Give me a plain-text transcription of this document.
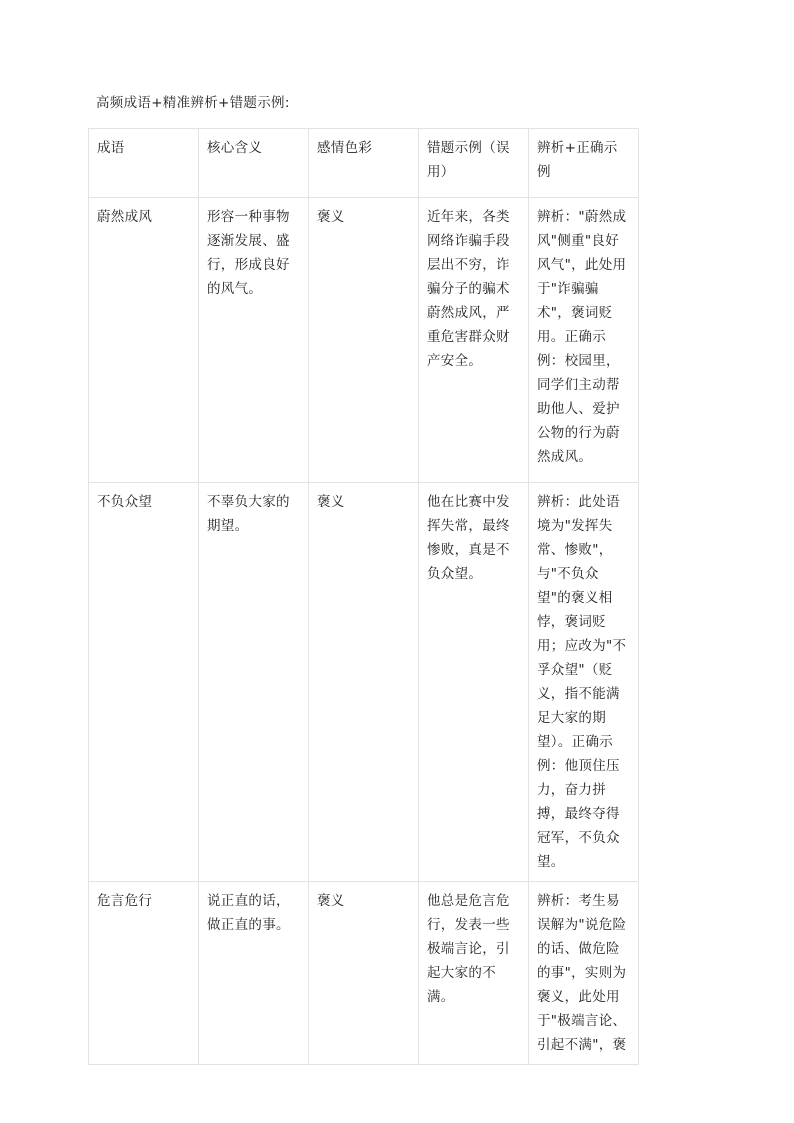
高频成语+精准辨析+错题示例:
成语	核心含义	感情色彩	错题示例（误用）	辨析+正确示例
蔚然成风	形容一种事物逐渐发展、盛行，形成良好的风气。	褒义	近年来，各类网络诈骗手段层出不穷，诈骗分子的骗术蔚然成风，严重危害群众财产安全。	辨析："蔚然成风"侧重"良好风气"，此处用于"诈骗骗术"，褒词贬用。正确示例：校园里，同学们主动帮助他人、爱护公物的行为蔚然成风。
不负众望	不辜负大家的期望。	褒义	他在比赛中发挥失常，最终惨败，真是不负众望。	辨析：此处语境为"发挥失常、惨败"，与"不负众望"的褒义相悖，褒词贬用；应改为"不孚众望"（贬义，指不能满足大家的期望）。正确示例：他顶住压力，奋力拼搏，最终夺得冠军，不负众望。
危言危行	说正直的话，做正直的事。	褒义	他总是危言危行，发表一些极端言论，引起大家的不满。	辨析：考生易误解为"说危险的话、做危险的事"，实则为褒义，此处用于"极端言论、引起不满"，褒
